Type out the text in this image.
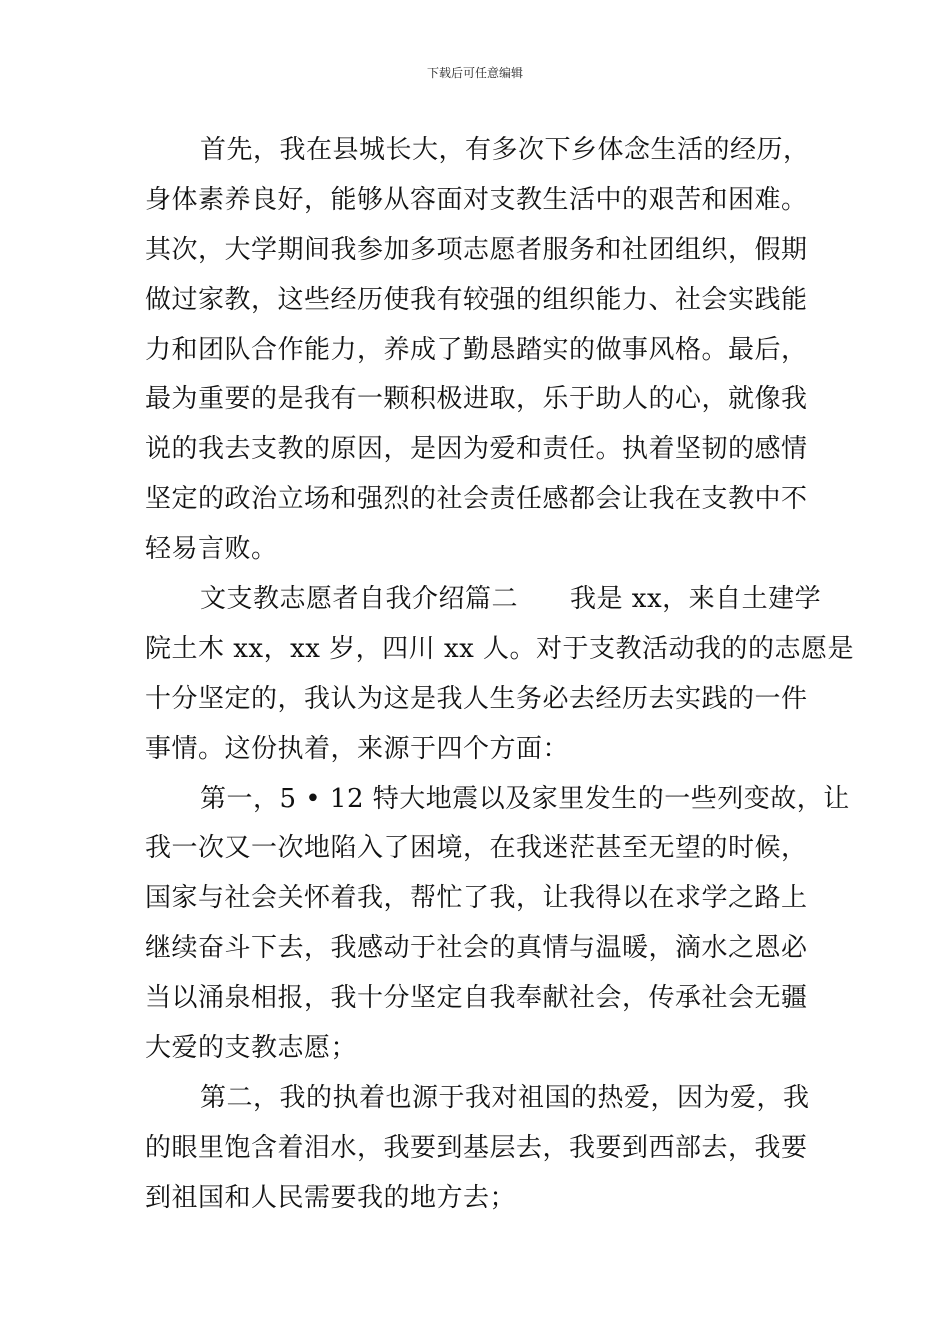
下载后可任意编辑
首先，我在县城长大，有多次下乡体念生活的经历，
身体素养良好，能够从容面对支教生活中的艰苦和困难。
其次，大学期间我参加多项志愿者服务和社团组织，假期
做过家教，这些经历使我有较强的组织能力、社会实践能
力和团队合作能力，养成了勤恳踏实的做事风格。最后，
最为重要的是我有一颗积极进取，乐于助人的心，就像我
说的我去支教的原因，是因为爱和责任。执着坚韧的感情
坚定的政治立场和强烈的社会责任感都会让我在支教中不
轻易言败。
文支教志愿者自我介绍篇二 我是 xx，来自土建学
院土木 xx，xx 岁，四川 xx 人。对于支教活动我的的志愿是
十分坚定的，我认为这是我人生务必去经历去实践的一件
事情。这份执着，来源于四个方面：
第一，5 • 12 特大地震以及家里发生的一些列变故，让
我一次又一次地陷入了困境，在我迷茫甚至无望的时候，
国家与社会关怀着我，帮忙了我，让我得以在求学之路上
继续奋斗下去，我感动于社会的真情与温暖，滴水之恩必
当以涌泉相报，我十分坚定自我奉献社会，传承社会无疆
大爱的支教志愿；
第二，我的执着也源于我对祖国的热爱，因为爱，我
的眼里饱含着泪水，我要到基层去，我要到西部去，我要
到祖国和人民需要我的地方去；
